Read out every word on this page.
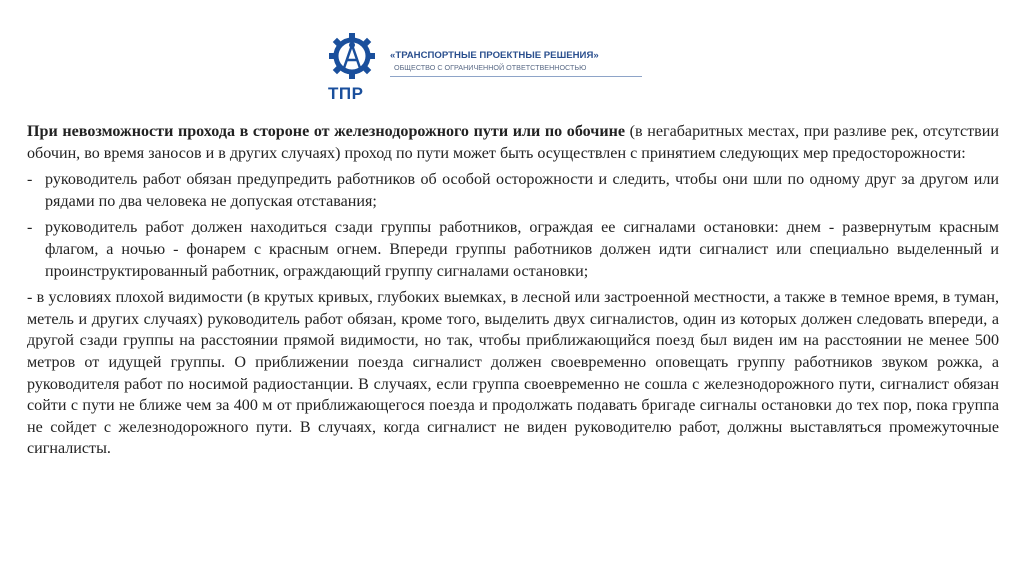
ТПР
«ТРАНСПОРТНЫЕ ПРОЕКТНЫЕ РЕШЕНИЯ»
ОБЩЕСТВО С ОГРАНИЧЕННОЙ ОТВЕТСТВЕННОСТЬЮ

При невозможности прохода в стороне от железнодорожного пути или по обочине (в негабаритных местах, при разливе рек, отсутствии обочин, во время заносов и в других случаях) проход по пути может быть осуществлен с принятием следующих мер предосторожности:

- руководитель работ обязан предупредить работников об особой осторожности и следить, чтобы они шли по одному друг за другом или рядами по два человека не допуская отставания;

- руководитель работ должен находиться сзади группы работников, ограждая ее сигналами остановки: днем - развернутым красным флагом, а ночью - фонарем с красным огнем. Впереди группы работников должен идти сигналист или специально выделенный и проинструктированный работник, ограждающий группу сигналами остановки;

- в условиях плохой видимости (в крутых кривых, глубоких выемках, в лесной или застроенной местности, а также в темное время, в туман, метель и других случаях) руководитель работ обязан, кроме того, выделить двух сигналистов, один из которых должен следовать впереди, а другой сзади группы на расстоянии прямой видимости, но так, чтобы приближающийся поезд был виден им на расстоянии не менее 500 метров от идущей группы. О приближении поезда сигналист должен своевременно оповещать группу работников звуком рожка, а руководителя работ по носимой радиостанции. В случаях, если группа своевременно не сошла с железнодорожного пути, сигналист обязан сойти с пути не ближе чем за 400 м от приближающегося поезда и продолжать подавать бригаде сигналы остановки до тех пор, пока группа не сойдет с железнодорожного пути. В случаях, когда сигналист не виден руководителю работ, должны выставляться промежуточные сигналисты.
